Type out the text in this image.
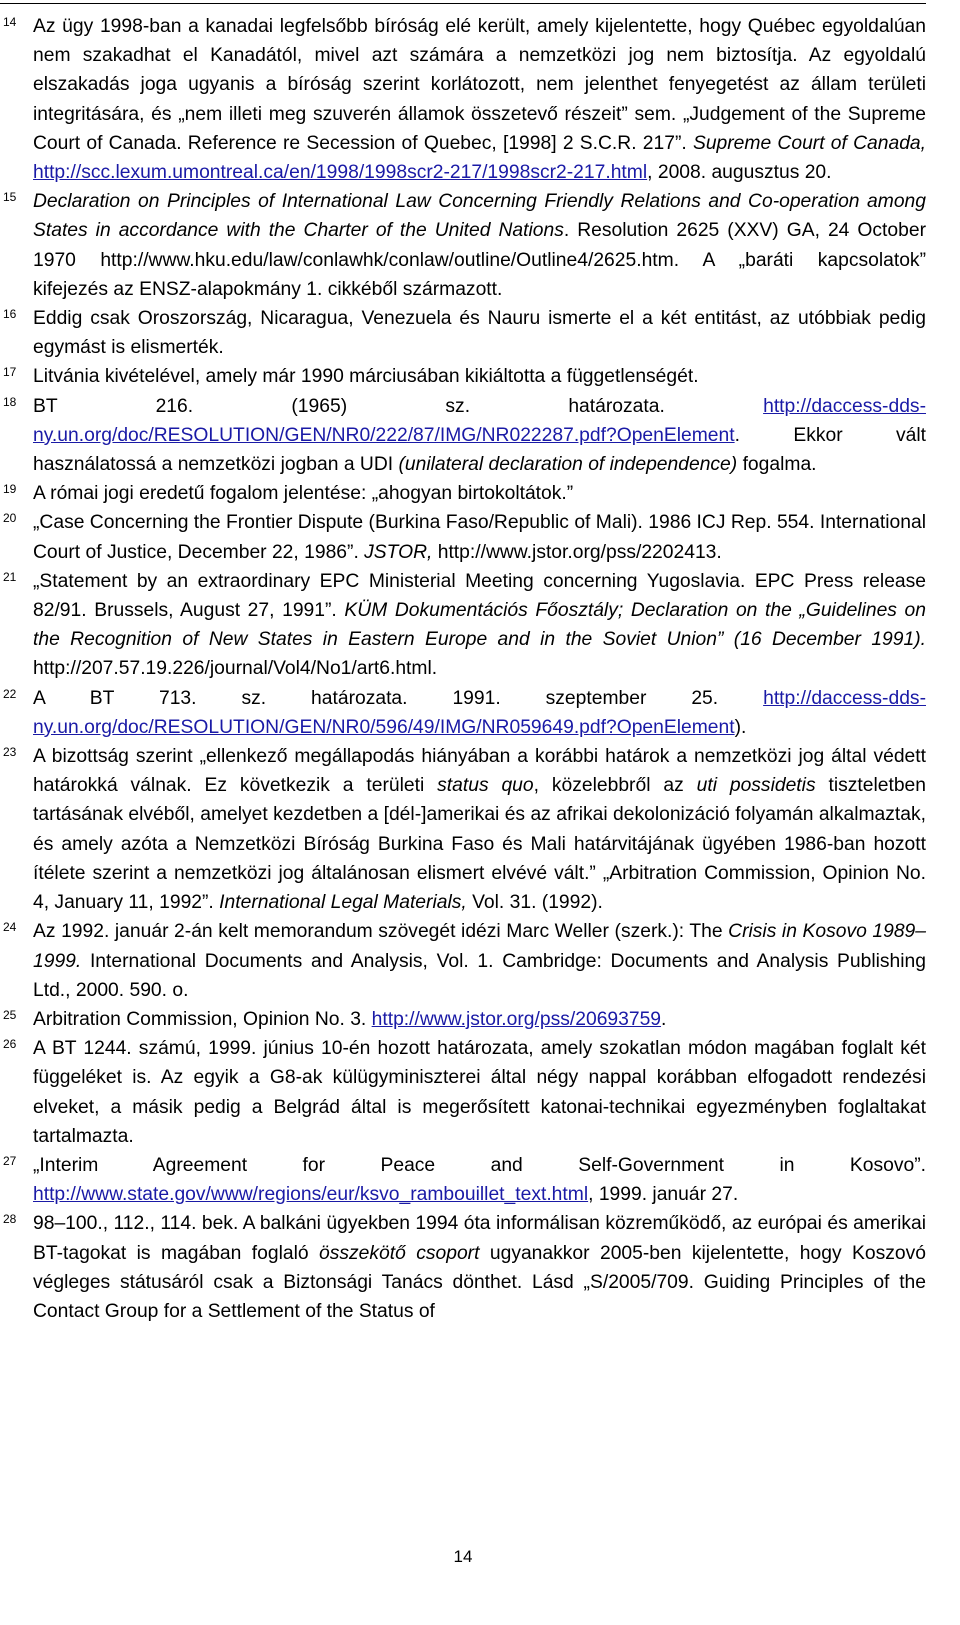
14 Az ügy 1998-ban a kanadai legfelsőbb bíróság elé került, amely kijelentette, hogy Québec egyoldalúan nem szakadhat el Kanadától, mivel azt számára a nemzetközi jog nem biztosítja. Az egyoldalú elszakadás joga ugyanis a bíróság szerint korlátozott, nem jelenthet fenyegetést az állam területi integritására, és „nem illeti meg szuverén államok összetevő részeit” sem. „Judgement of the Supreme Court of Canada. Reference re Secession of Quebec, [1998] 2 S.C.R. 217”. Supreme Court of Canada, http://scc.lexum.umontreal.ca/en/1998/1998scr2-217/1998scr2-217.html, 2008. augusztus 20.
15 Declaration on Principles of International Law Concerning Friendly Relations and Co-operation among States in accordance with the Charter of the United Nations. Resolution 2625 (XXV) GA, 24 October 1970 http://www.hku.edu/law/conlawhk/conlaw/outline/Outline4/2625.htm. A „baráti kapcsolatok” kifejezés az ENSZ-alapokmány 1. cikkéből származott.
16 Eddig csak Oroszország, Nicaragua, Venezuela és Nauru ismerte el a két entitást, az utóbbiak pedig egymást is elismerték.
17 Litvánia kivételével, amely már 1990 márciusában kikiáltotta a függetlenségét.
18 BT 216. (1965) sz. határozata. http://daccess-dds-ny.un.org/doc/RESOLUTION/GEN/NR0/222/87/IMG/NR022287.pdf?OpenElement. Ekkor vált használatossá a nemzetközi jogban a UDI (unilateral declaration of independence) fogalma.
19 A római jogi eredetű fogalom jelentése: „ahogyan birtokoltátok.”
20 „Case Concerning the Frontier Dispute (Burkina Faso/Republic of Mali). 1986 ICJ Rep. 554. International Court of Justice, December 22, 1986”. JSTOR, http://www.jstor.org/pss/2202413.
21 „Statement by an extraordinary EPC Ministerial Meeting concerning Yugoslavia. EPC Press release 82/91. Brussels, August 27, 1991”. KÜM Dokumentációs Főosztály; Declaration on the „Guidelines on the Recognition of New States in Eastern Europe and in the Soviet Union” (16 December 1991). http://207.57.19.226/journal/Vol4/No1/art6.html.
22 A BT 713. sz. határozata. 1991. szeptember 25. http://daccess-dds-ny.un.org/doc/RESOLUTION/GEN/NR0/596/49/IMG/NR059649.pdf?OpenElement).
23 A bizottság szerint „ellenkező megállapodás hiányában a korábbi határok a nemzetközi jog által védett határokká válnak. Ez következik a területi status quo, közelebbről az uti possidetis tiszteletben tartásának elvéből, amelyet kezdetben a [dél-]amerikai és az afrikai dekolonizáció folyamán alkalmaztak, és amely azóta a Nemzetközi Bíróság Burkina Faso és Mali határvitájának ügyében 1986-ban hozott ítélete szerint a nemzetközi jog általánosan elismert elvévé vált.” „Arbitration Commission, Opinion No. 4, January 11, 1992”. International Legal Materials, Vol. 31. (1992).
24 Az 1992. január 2-án kelt memorandum szövegét idézi Marc Weller (szerk.): The Crisis in Kosovo 1989–1999. International Documents and Analysis, Vol. 1. Cambridge: Documents and Analysis Publishing Ltd., 2000. 590. o.
25 Arbitration Commission, Opinion No. 3. http://www.jstor.org/pss/20693759.
26 A BT 1244. számú, 1999. június 10-én hozott határozata, amely szokatlan módon magában foglalt két függeléket is. Az egyik a G8-ak külügyminiszterei által négy nappal korábban elfogadott rendezési elveket, a másik pedig a Belgrád által is megerősített katonai-technikai egyezményben foglaltakat tartalmazta.
27 „Interim Agreement for Peace and Self-Government in Kosovo”. http://www.state.gov/www/regions/eur/ksvo_rambouillet_text.html, 1999. január 27.
28 98–100., 112., 114. bek. A balkáni ügyekben 1994 óta informálisan közreműködő, az európai és amerikai BT-tagokat is magában foglaló összekötő csoport ugyanakkor 2005-ben kijelentette, hogy Koszovó végleges státusáról csak a Biztonsági Tanács dönthet. Lásd „S/2005/709. Guiding Principles of the Contact Group for a Settlement of the Status of
14
